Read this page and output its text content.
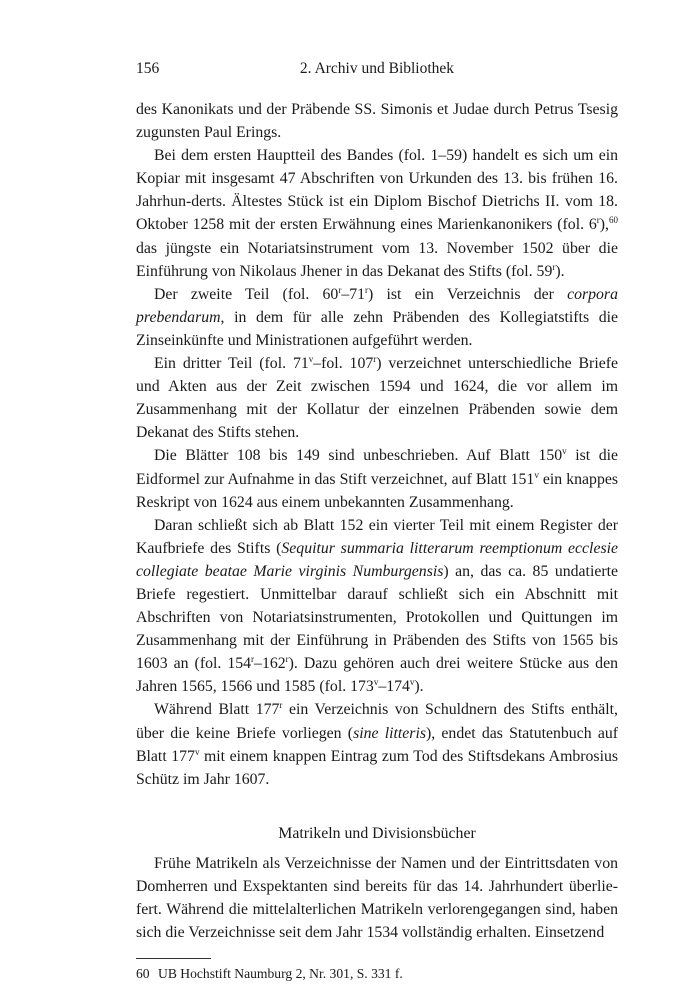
156	2. Archiv und Bibliothek

des Kanonikats und der Präbende SS. Simonis et Judae durch Petrus Tsesig zugunsten Paul Erings.

Bei dem ersten Hauptteil des Bandes (fol. 1–59) handelt es sich um ein Kopiar mit insgesamt 47 Abschriften von Urkunden des 13. bis frühen 16. Jahrhun-derts. Ältestes Stück ist ein Diplom Bischof Dietrichs II. vom 18. Oktober 1258 mit der ersten Erwähnung eines Marienkanonikers (fol. 6$^r$),$^{60}$ das jüngste ein Notariatsinstrument vom 13. November 1502 über die Einführung von Nikolaus Jhener in das Dekanat des Stifts (fol. 59$^r$).

Der zweite Teil (fol. 60$^r$–71$^r$) ist ein Verzeichnis der corpora prebendarum, in dem für alle zehn Präbenden des Kollegiatstifts die Zinseinkünfte und Ministrationen aufgeführt werden.

Ein dritter Teil (fol. 71$^v$–fol. 107$^r$) verzeichnet unterschiedliche Briefe und Akten aus der Zeit zwischen 1594 und 1624, die vor allem im Zusammenhang mit der Kollatur der einzelnen Präbenden sowie dem Dekanat des Stifts stehen.

Die Blätter 108 bis 149 sind unbeschrieben. Auf Blatt 150$^v$ ist die Eidformel zur Aufnahme in das Stift verzeichnet, auf Blatt 151$^v$ ein knappes Reskript von 1624 aus einem unbekannten Zusammenhang.

Daran schließt sich ab Blatt 152 ein vierter Teil mit einem Register der Kaufbriefe des Stifts (Sequitur summaria litterarum reemptionum ecclesie collegiate beatae Marie virginis Numburgensis) an, das ca. 85 undatierte Briefe regestiert. Unmittelbar darauf schließt sich ein Abschnitt mit Abschriften von Notariatsinstrumenten, Protokollen und Quittungen im Zusammenhang mit der Einführung in Präbenden des Stifts von 1565 bis 1603 an (fol. 154$^r$–162$^r$). Dazu gehören auch drei weitere Stücke aus den Jahren 1565, 1566 und 1585 (fol. 173$^v$–174$^v$).

Während Blatt 177$^r$ ein Verzeichnis von Schuldnern des Stifts enthält, über die keine Briefe vorliegen (sine litteris), endet das Statutenbuch auf Blatt 177$^v$ mit einem knappen Eintrag zum Tod des Stiftsdekans Ambrosius Schütz im Jahr 1607.

Matrikeln und Divisionsbücher

Frühe Matrikeln als Verzeichnisse der Namen und der Eintrittsdaten von Domherren und Exspektanten sind bereits für das 14. Jahrhundert überlie-fert. Während die mittelalterlichen Matrikeln verlorengegangen sind, haben sich die Verzeichnisse seit dem Jahr 1534 vollständig erhalten. Einsetzend

60 UB Hochstift Naumburg 2, Nr. 301, S. 331 f.
